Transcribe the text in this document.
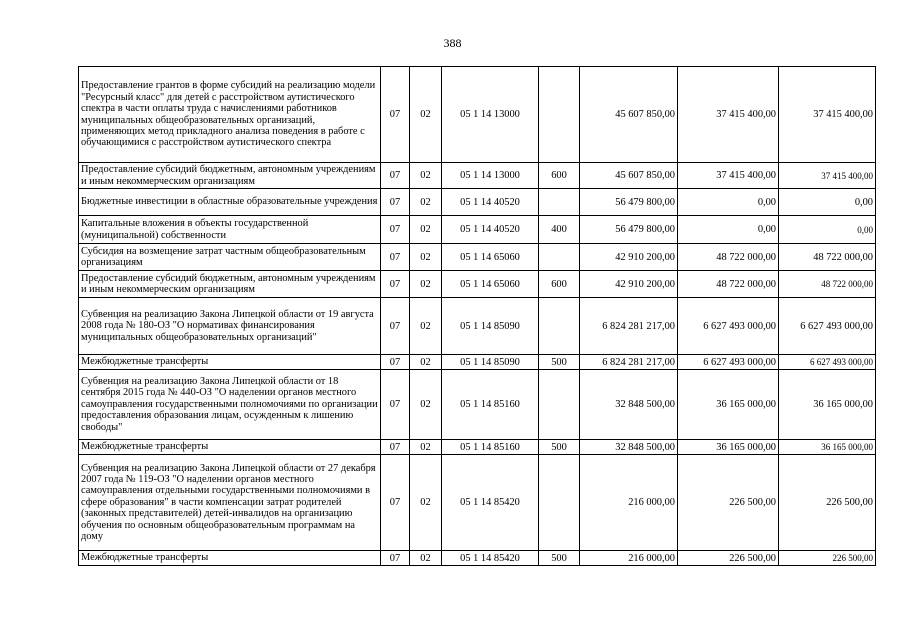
388
Предоставление грантов в форме субсидий на реализацию модели "Ресурсный класс" для детей с расстройством аутистического спектра в части оплаты труда с начислениями работников муниципальных общеобразовательных организаций, применяющих метод прикладного анализа поведения в работе с обучающимися с расстройством аутистического спектра	07	02	05 1 14 13000		45 607 850,00	37 415 400,00	37 415 400,00
Предоставление субсидий бюджетным, автономным учреждениям и иным некоммерческим организациям	07	02	05 1 14 13000	600	45 607 850,00	37 415 400,00	37 415 400,00
Бюджетные инвестиции в областные образовательные учреждения	07	02	05 1 14 40520		56 479 800,00	0,00	0,00
Капитальные вложения в объекты государственной (муниципальной) собственности	07	02	05 1 14 40520	400	56 479 800,00	0,00	0,00
Субсидия на возмещение затрат частным общеобразовательным организациям	07	02	05 1 14 65060		42 910 200,00	48 722 000,00	48 722 000,00
Предоставление субсидий бюджетным, автономным учреждениям и иным некоммерческим организациям	07	02	05 1 14 65060	600	42 910 200,00	48 722 000,00	48 722 000,00
Субвенция на реализацию Закона Липецкой области от 19 августа 2008 года № 180-ОЗ "О нормативах финансирования муниципальных общеобразовательных организаций"	07	02	05 1 14 85090		6 824 281 217,00	6 627 493 000,00	6 627 493 000,00
Межбюджетные трансферты	07	02	05 1 14 85090	500	6 824 281 217,00	6 627 493 000,00	6 627 493 000,00
Субвенция на реализацию Закона Липецкой области от 18 сентября 2015 года № 440-ОЗ "О наделении органов местного самоуправления государственными полномочиями по организации предоставления образования лицам, осужденным к лишению свободы"	07	02	05 1 14 85160		32 848 500,00	36 165 000,00	36 165 000,00
Межбюджетные трансферты	07	02	05 1 14 85160	500	32 848 500,00	36 165 000,00	36 165 000,00
Субвенция на реализацию Закона Липецкой области от 27 декабря 2007 года № 119-ОЗ "О наделении органов местного самоуправления отдельными государственными полномочиями в сфере образования" в части компенсации затрат родителей (законных представителей) детей-инвалидов на организацию обучения по основным общеобразовательным программам на дому	07	02	05 1 14 85420		216 000,00	226 500,00	226 500,00
Межбюджетные трансферты	07	02	05 1 14 85420	500	216 000,00	226 500,00	226 500,00
